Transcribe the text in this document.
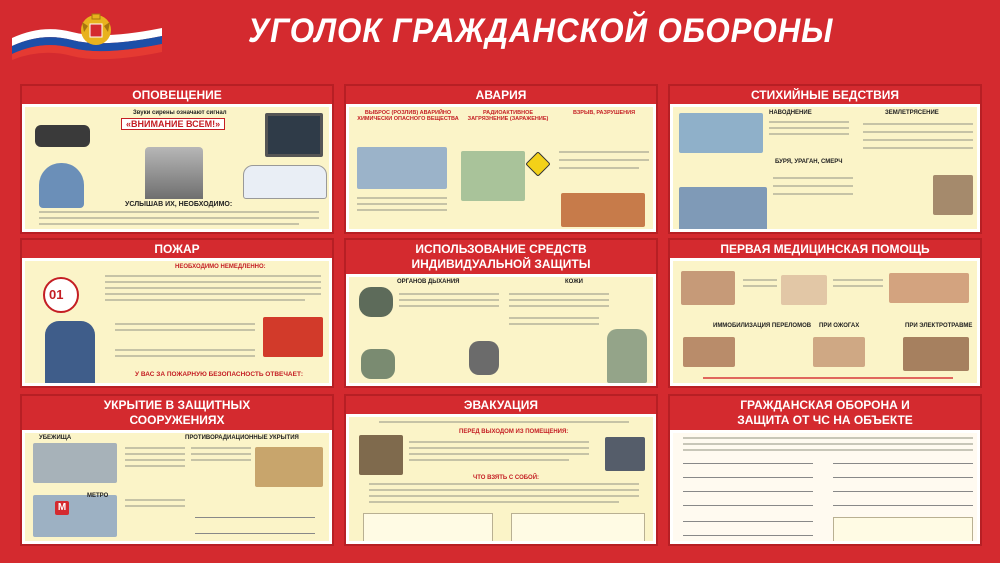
УГОЛОК ГРАЖДАНСКОЙ ОБОРОНЫ
ОПОВЕЩЕНИЕ
Звуки сирены означают сигнал
«ВНИМАНИЕ ВСЕМ!»
УСЛЫШАВ ИХ, НЕОБХОДИМО:
АВАРИЯ
ВЫБРОС (РОЗЛИВ) АВАРИЙНО ХИМИЧЕСКИ ОПАСНОГО ВЕЩЕСТВА
РАДИОАКТИВНОЕ ЗАГРЯЗНЕНИЕ (ЗАРАЖЕНИЕ)
ВЗРЫВ, РАЗРУШЕНИЯ
СТИХИЙНЫЕ БЕДСТВИЯ
НАВОДНЕНИЕ	ЗЕМЛЕТРЯСЕНИЕ
БУРЯ, УРАГАН, СМЕРЧ
ПОЖАР
01
НЕОБХОДИМО НЕМЕДЛЕННО:
У ВАС ЗА ПОЖАРНУЮ БЕЗОПАСНОСТЬ ОТВЕЧАЕТ:
ИСПОЛЬЗОВАНИЕ СРЕДСТВ
ИНДИВИДУАЛЬНОЙ ЗАЩИТЫ
ОРГАНОВ ДЫХАНИЯ	КОЖИ
ПЕРВАЯ МЕДИЦИНСКАЯ ПОМОЩЬ
ИММОБИЛИЗАЦИЯ ПЕРЕЛОМОВ ПРИ ОЖОГАХ	ПРИ ЭЛЕКТРОТРАВМЕ
УКРЫТИЕ В ЗАЩИТНЫХ
СООРУЖЕНИЯХ
УБЕЖИЩА	ПРОТИВОРАДИАЦИОННЫЕ УКРЫТИЯ
M
МЕТРО
ЭВАКУАЦИЯ
ПЕРЕД ВЫХОДОМ ИЗ ПОМЕЩЕНИЯ:
ЧТО ВЗЯТЬ С СОБОЙ:
ГРАЖДАНСКАЯ ОБОРОНА И
ЗАЩИТА ОТ ЧС НА ОБЪЕКТЕ
